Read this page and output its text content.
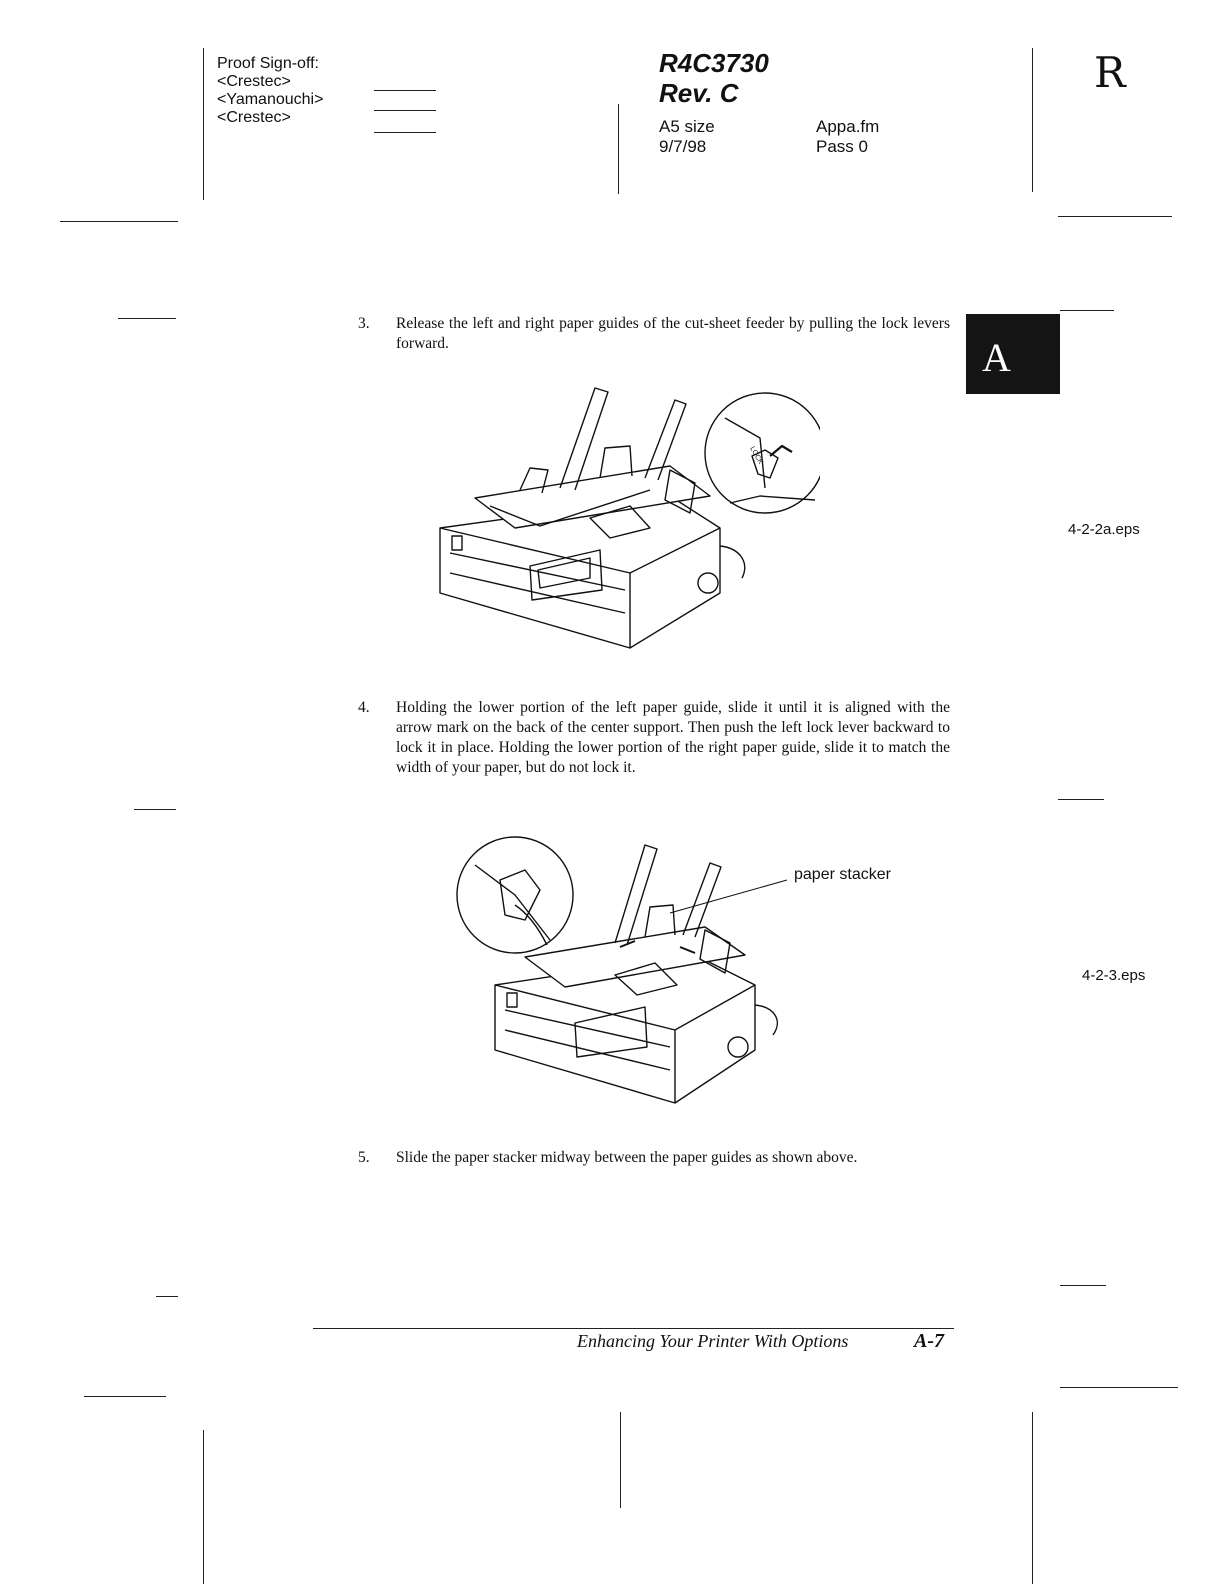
Proof Sign-off:
<Crestec>
<Yamanouchi>
<Crestec>
R4C3730
Rev. C
A5 size
9/7/98
Appa.fm
Pass 0
R
A
3. Release the left and right paper guides of the cut-sheet feeder by pulling the lock levers forward.
LOCK
4-2-2a.eps
4. Holding the lower portion of the left paper guide, slide it until it is aligned with the arrow mark on the back of the center support. Then push the left lock lever backward to lock it in place. Holding the lower portion of the right paper guide, slide it to match the width of your paper, but do not lock it.
paper stacker
4-2-3.eps
5. Slide the paper stacker midway between the paper guides as shown above.
Enhancing Your Printer With Options	A-7
